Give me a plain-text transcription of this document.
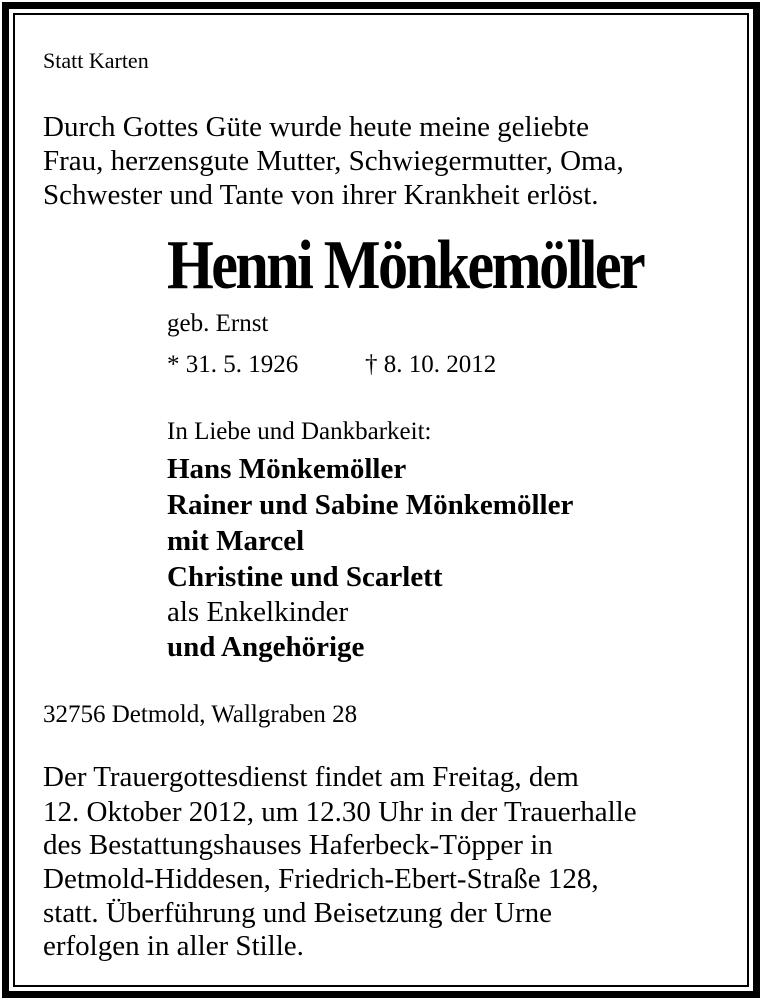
Statt Karten

Durch Gottes Güte wurde heute meine geliebte

Frau, herzensgute Mutter, Schwiegermutter, Oma,

Schwester und Tante von ihrer Krankheit erlöst.

Henni Mönkemöller

geb. Ernst

* 31. 5. 1926	† 8. 10. 2012

In Liebe und Dankbarkeit:

Hans Mönkemöller

Rainer und Sabine Mönkemöller

mit Marcel

Christine und Scarlett

als Enkelkinder

und Angehörige

32756 Detmold, Wallgraben 28

Der Trauergottesdienst findet am Freitag, dem

12. Oktober 2012, um 12.30 Uhr in der Trauerhalle

des Bestattungshauses Haferbeck-Töpper in

Detmold-Hiddesen, Friedrich-Ebert-Straße 128,

statt. Überführung und Beisetzung der Urne

erfolgen in aller Stille.
